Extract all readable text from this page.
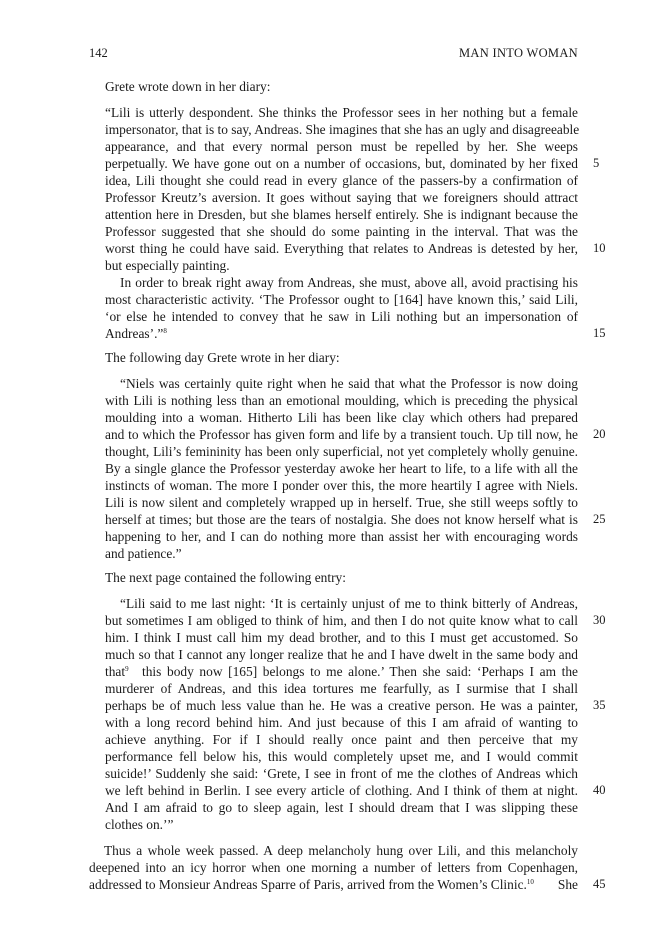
142	MAN INTO WOMAN
Grete wrote down in her diary:
“Lili is utterly despondent. She thinks the Professor sees in her nothing but a female
impersonator, that is to say, Andreas. She imagines that she has an ugly and disagreeable
appearance, and that every normal person must be repelled by her. She weeps
perpetually. We have gone out on a number of occasions, but, dominated by her fixed
idea, Lili thought she could read in every glance of the passers-by a confirmation of
Professor Kreutz’s aversion. It goes without saying that we foreigners should attract
attention here in Dresden, but she blames herself entirely. She is indignant because the
Professor suggested that she should do some painting in the interval. That was the
worst thing he could have said. Everything that relates to Andreas is detested by her,
but especially painting.
In order to break right away from Andreas, she must, above all, avoid practising his
most characteristic activity. ‘The Professor ought to [164] have known this,’ said Lili,
‘or else he intended to convey that he saw in Lili nothing but an impersonation of
Andreas’.”$^8$
The following day Grete wrote in her diary:
“Niels was certainly quite right when he said that what the Professor is now doing
with Lili is nothing less than an emotional moulding, which is preceding the physical
moulding into a woman. Hitherto Lili has been like clay which others had prepared
and to which the Professor has given form and life by a transient touch. Up till now, he
thought, Lili’s femininity has been only superficial, not yet completely wholly genuine.
By a single glance the Professor yesterday awoke her heart to life, to a life with all the
instincts of woman. The more I ponder over this, the more heartily I agree with Niels.
Lili is now silent and completely wrapped up in herself. True, she still weeps softly to
herself at times; but those are the tears of nostalgia. She does not know herself what is
happening to her, and I can do nothing more than assist her with encouraging words
and patience.”
The next page contained the following entry:
“Lili said to me last night: ‘It is certainly unjust of me to think bitterly of Andreas,
but sometimes I am obliged to think of him, and then I do not quite know what to call
him. I think I must call him my dead brother, and to this I must get accustomed. So
much so that I cannot any longer realize that he and I have dwelt in the same body and
that$^9$ this body now [165] belongs to me alone.’ Then she said: ‘Perhaps I am the
murderer of Andreas, and this idea tortures me fearfully, as I surmise that I shall
perhaps be of much less value than he. He was a creative person. He was a painter,
with a long record behind him. And just because of this I am afraid of wanting to
achieve anything. For if I should really once paint and then perceive that my
performance fell below his, this would completely upset me, and I would commit
suicide!’ Suddenly she said: ‘Grete, I see in front of me the clothes of Andreas which
we left behind in Berlin. I see every article of clothing. And I think of them at night.
And I am afraid to go to sleep again, lest I should dream that I was slipping these
clothes on.’”
Thus a whole week passed. A deep melancholy hung over Lili, and this melancholy
deepened into an icy horror when one morning a number of letters from Copenhagen,
addressed to Monsieur Andreas Sparre of Paris, arrived from the Women’s Clinic.$^{10}$ She
5
10
15
20
25
30
35
40
45
